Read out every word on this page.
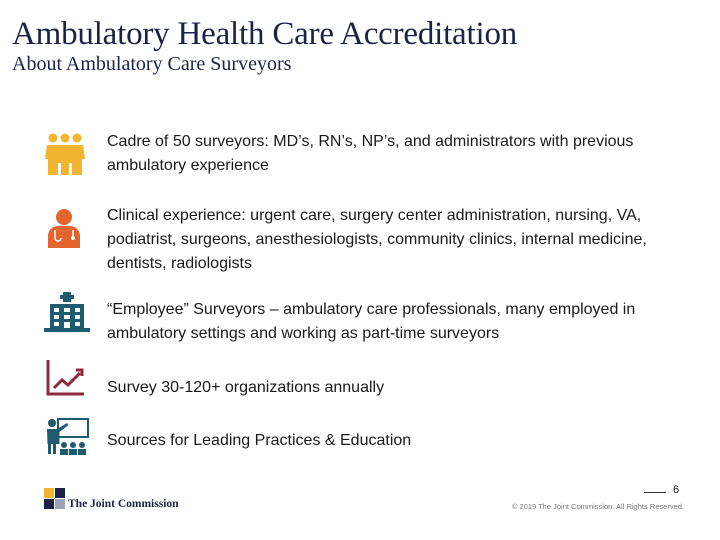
Ambulatory Health Care Accreditation
About Ambulatory Care Surveyors
Cadre of 50 surveyors: MD’s, RN’s, NP’s, and administrators with previous ambulatory experience
Clinical experience: urgent care, surgery center administration, nursing, VA, podiatrist, surgeons, anesthesiologists, community clinics, internal medicine, dentists, radiologists
“Employee” Surveyors – ambulatory care professionals, many employed in ambulatory settings and working as part-time surveyors
Survey 30-120+ organizations annually
Sources for Leading Practices & Education
6
© 2019 The Joint Commission. All Rights Reserved.
The Joint Commission
